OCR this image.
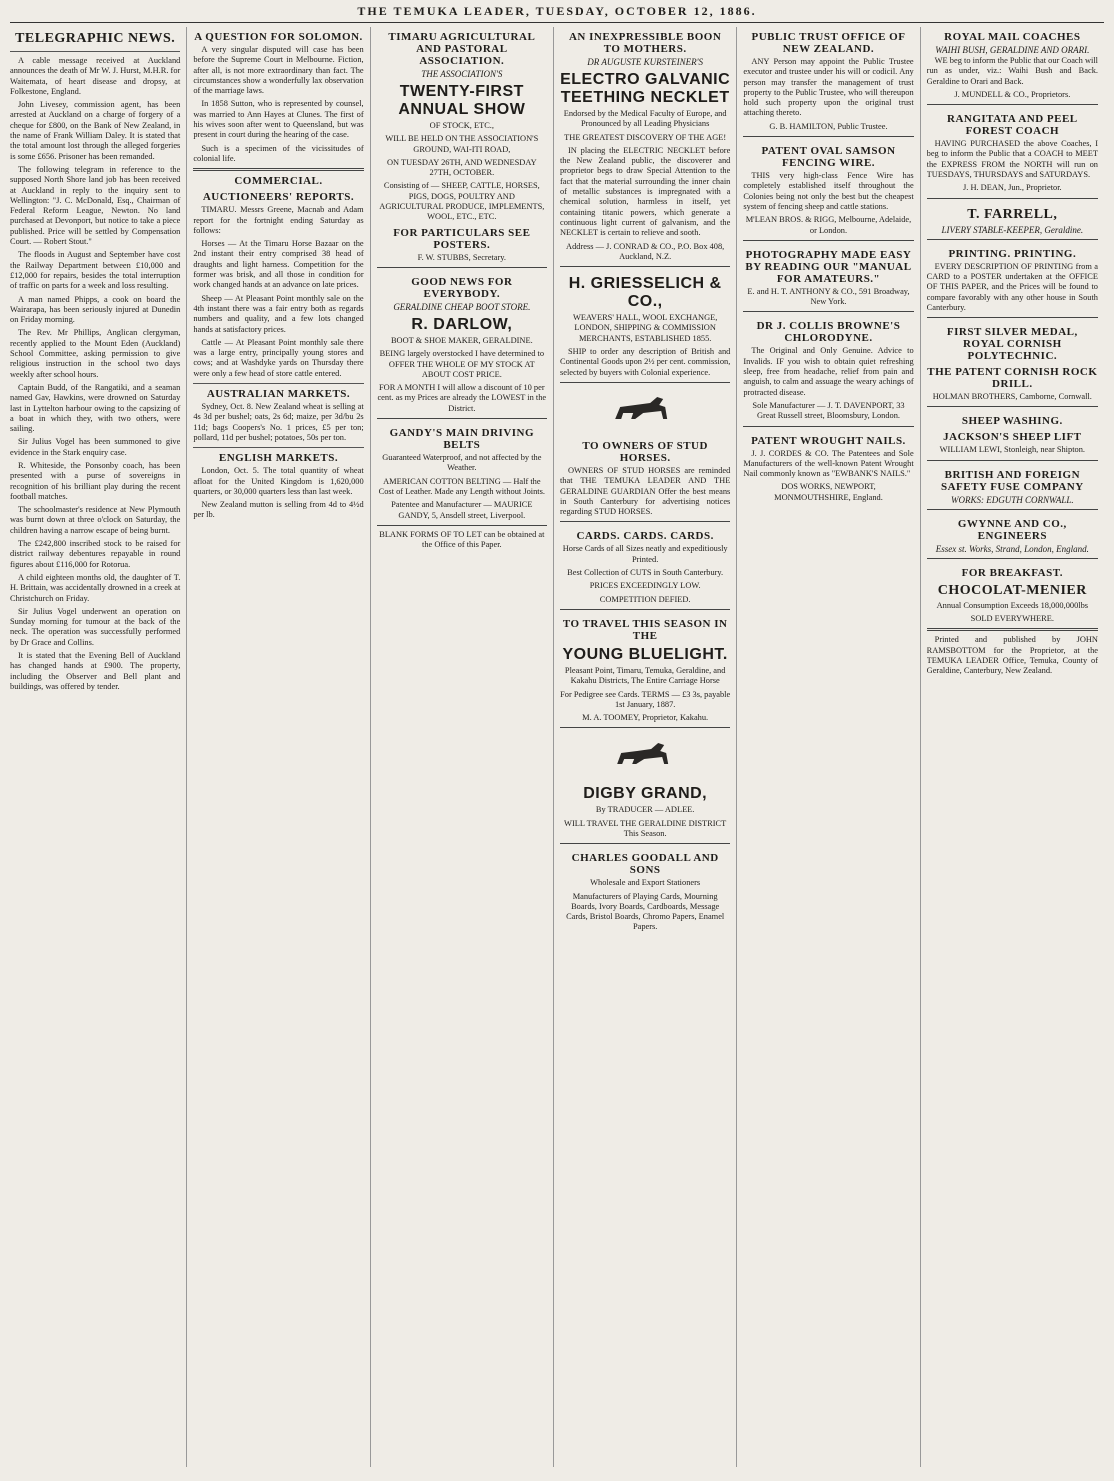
THE TEMUKA LEADER, TUESDAY, OCTOBER 12, 1886.
TELEGRAPHIC NEWS.

A cable message received at Auckland announces the death of Mr W. J. Hurst, M.H.R. for Waitemata, of heart disease and dropsy, at Folkestone, England.

John Livesey, commission agent, has been arrested at Auckland on a charge of forgery of a cheque for £800, on the Bank of New Zealand, in the name of Frank William Daley. It is stated that the total amount lost through the alleged forgeries is some £656. Prisoner has been remanded.

The following telegram in reference to the supposed North Shore land job has been received at Auckland in reply to the inquiry sent to Wellington: "J. C. McDonald, Esq., Chairman of Federal Reform League, Newton. No land purchased at Devonport, but notice to take a piece published. Price will be settled by Compensation Court. — Robert Stout."

The floods in August and September have cost the Railway Department between £10,000 and £12,000 for repairs, besides the total interruption of traffic on parts for a week and loss resulting.

A man named Phipps, a cook on board the Wairarapa, has been seriously injured at Dunedin on Friday morning.

The Rev. Mr Phillips, Anglican clergyman, recently applied to the Mount Eden (Auckland) School Committee, asking permission to give religious instruction in the school two days weekly after school hours.

Captain Budd, of the Rangatiki, and a seaman named Gav, Hawkins, were drowned on Saturday last in Lyttelton harbour owing to the capsizing of a boat in which they, with two others, were sailing.

Sir Julius Vogel has been summoned to give evidence in the Stark enquiry case.

R. Whiteside, the Ponsonby coach, has been presented with a purse of sovereigns in recognition of his brilliant play during the recent football matches.

The schoolmaster's residence at New Plymouth was burnt down at three o'clock on Saturday, the children having a narrow escape of being burnt.

The £242,800 inscribed stock to be raised for district railway debentures repayable in round figures about £116,000 for Rotorua.

A child eighteen months old, the daughter of T. H. Brittain, was accidentally drowned in a creek at Christchurch on Friday.

Sir Julius Vogel underwent an operation on Sunday morning for tumour at the back of the neck. The operation was successfully performed by Dr Grace and Collins.

It is stated that the Evening Bell of Auckland has changed hands at £900. The property, including the Observer and Bell plant and buildings, was offered by tender.

A QUESTION FOR SOLOMON.

A very singular disputed will case has been before the Supreme Court in Melbourne. Fiction, after all, is not more extraordinary than fact. The circumstances show a wonderfully lax observation of the marriage laws.

In 1858 Sutton, who is represented by counsel, was married to Ann Hayes at Clunes. The first of his wives soon after went to Queensland, but was present in court during the hearing of the case.

Such is a specimen of the vicissitudes of colonial life.

COMMERCIAL.
AUCTIONEERS' REPORTS.

TIMARU. Messrs Greene, Macnab and Adam report for the fortnight ending Saturday as follows:

Horses — At the Timaru Horse Bazaar on the 2nd instant their entry comprised 38 head of draughts and light harness. Competition for the former was brisk, and all those in condition for work changed hands at an advance on late prices.

Sheep — At Pleasant Point monthly sale on the 4th instant there was a fair entry both as regards numbers and quality, and a few lots changed hands at satisfactory prices.

Cattle — At Pleasant Point monthly sale there was a large entry, principally young stores and cows; and at Washdyke yards on Thursday there were only a few head of store cattle entered.

AUSTRALIAN MARKETS.

Sydney, Oct. 8. New Zealand wheat is selling at 4s 3d per bushel; oats, 2s 6d; maize, per 3d/bu 2s 11d; bags Coopers's No. 1 prices, £5 per ton; pollard, 11d per bushel; potatoes, 50s per ton.

ENGLISH MARKETS.

London, Oct. 5. The total quantity of wheat afloat for the United Kingdom is 1,620,000 quarters, or 30,000 quarters less than last week.

New Zealand mutton is selling from 4d to 4½d per lb.

TIMARU AGRICULTURAL AND PASTORAL ASSOCIATION.
THE ASSOCIATION'S
TWENTY-FIRST ANNUAL SHOW

OF STOCK, ETC.,

WILL BE HELD ON THE ASSOCIATION'S GROUND, WAI-ITI ROAD,

ON TUESDAY 26TH, AND WEDNESDAY 27TH, OCTOBER.

Consisting of — SHEEP, CATTLE, HORSES, PIGS, DOGS, POULTRY AND AGRICULTURAL PRODUCE, IMPLEMENTS, WOOL, ETC., ETC.

FOR PARTICULARS SEE POSTERS.

F. W. STUBBS, Secretary.

GOOD NEWS FOR EVERYBODY.
GERALDINE CHEAP BOOT STORE.
R. DARLOW,

BOOT & SHOE MAKER, GERALDINE.

BEING largely overstocked I have determined to OFFER THE WHOLE OF MY STOCK AT ABOUT COST PRICE.

FOR A MONTH I will allow a discount of 10 per cent. as my Prices are already the LOWEST in the District.

GANDY'S MAIN DRIVING BELTS

Guaranteed Waterproof, and not affected by the Weather.

AMERICAN COTTON BELTING — Half the Cost of Leather. Made any Length without Joints.

Patentee and Manufacturer — MAURICE GANDY, 5, Ansdell street, Liverpool.

BLANK FORMS OF TO LET can be obtained at the Office of this Paper.

AN INEXPRESSIBLE BOON TO MOTHERS.
DR AUGUSTE KURSTEINER'S
ELECTRO GALVANIC TEETHING NECKLET

Endorsed by the Medical Faculty of Europe, and Pronounced by all Leading Physicians

THE GREATEST DISCOVERY OF THE AGE!

IN placing the ELECTRIC NECKLET before the New Zealand public, the discoverer and proprietor begs to draw Special Attention to the fact that the material surrounding the inner chain of metallic substances is impregnated with a chemical solution, harmless in itself, yet containing titanic powers, which generate a continuous light current of galvanism, and the NECKLET is certain to relieve and sooth.

Address — J. CONRAD & CO., P.O. Box 408, Auckland, N.Z.

H. GRIESSELICH & CO.,

WEAVERS' HALL, WOOL EXCHANGE, LONDON, SHIPPING & COMMISSION MERCHANTS, ESTABLISHED 1855.

SHIP to order any description of British and Continental Goods upon 2½ per cent. commission, selected by buyers with Colonial experience.

TO OWNERS OF STUD HORSES.

OWNERS OF STUD HORSES are reminded that THE TEMUKA LEADER AND THE GERALDINE GUARDIAN Offer the best means in South Canterbury for advertising notices regarding STUD HORSES.

CARDS. CARDS. CARDS.

Horse Cards of all Sizes neatly and expeditiously Printed.

Best Collection of CUTS in South Canterbury.

PRICES EXCEEDINGLY LOW.

COMPETITION DEFIED.

TO TRAVEL THIS SEASON IN THE
YOUNG BLUELIGHT.

Pleasant Point, Timaru, Temuka, Geraldine, and Kakahu Districts, The Entire Carriage Horse

For Pedigree see Cards. TERMS — £3 3s, payable 1st January, 1887.

M. A. TOOMEY, Proprietor, Kakahu.

DIGBY GRAND,

By TRADUCER — ADLEE.

WILL TRAVEL THE GERALDINE DISTRICT This Season.

CHARLES GOODALL AND SONS

Wholesale and Export Stationers

Manufacturers of Playing Cards, Mourning Boards, Ivory Boards, Cardboards, Message Cards, Bristol Boards, Chromo Papers, Enamel Papers.

PUBLIC TRUST OFFICE OF NEW ZEALAND.

ANY Person may appoint the Public Trustee executor and trustee under his will or codicil. Any person may transfer the management of trust property to the Public Trustee, who will thereupon hold such property upon the original trust attaching thereto.

G. B. HAMILTON, Public Trustee.

PATENT OVAL SAMSON FENCING WIRE.

THIS very high-class Fence Wire has completely established itself throughout the Colonies being not only the best but the cheapest system of fencing sheep and cattle stations.

M'LEAN BROS. & RIGG, Melbourne, Adelaide, or London.

PHOTOGRAPHY MADE EASY BY READING OUR "MANUAL FOR AMATEURS."

E. and H. T. ANTHONY & CO., 591 Broadway, New York.

DR J. COLLIS BROWNE'S CHLORODYNE.

The Original and Only Genuine. Advice to Invalids. IF you wish to obtain quiet refreshing sleep, free from headache, relief from pain and anguish, to calm and assuage the weary achings of protracted disease.

Sole Manufacturer — J. T. DAVENPORT, 33 Great Russell street, Bloomsbury, London.

PATENT WROUGHT NAILS.

J. J. CORDES & CO. The Patentees and Sole Manufacturers of the well-known Patent Wrought Nail commonly known as "EWBANK'S NAILS."

DOS WORKS, NEWPORT, MONMOUTHSHIRE, England.

ROYAL MAIL COACHES
WAIHI BUSH, GERALDINE AND ORARI.

WE beg to inform the Public that our Coach will run as under, viz.: Waihi Bush and Back. Geraldine to Orari and Back.

J. MUNDELL & CO., Proprietors.

RANGITATA AND PEEL FOREST COACH

HAVING PURCHASED the above Coaches, I beg to inform the Public that a COACH to MEET the EXPRESS FROM the NORTH will run on TUESDAYS, THURSDAYS and SATURDAYS.

J. H. DEAN, Jun., Proprietor.

T. FARRELL,
LIVERY STABLE-KEEPER, Geraldine.
PRINTING. PRINTING.

EVERY DESCRIPTION OF PRINTING from a CARD to a POSTER undertaken at the OFFICE OF THIS PAPER, and the Prices will be found to compare favorably with any other house in South Canterbury.

FIRST SILVER MEDAL, ROYAL CORNISH POLYTECHNIC.
THE PATENT CORNISH ROCK DRILL.

HOLMAN BROTHERS, Camborne, Cornwall.

SHEEP WASHING.
JACKSON'S SHEEP LIFT

WILLIAM LEWI, Stonleigh, near Shipton.

BRITISH AND FOREIGN SAFETY FUSE COMPANY
WORKS: EDGUTH CORNWALL.
GWYNNE AND CO., ENGINEERS
Essex st. Works, Strand, London, England.
FOR BREAKFAST.
CHOCOLAT-MENIER

Annual Consumption Exceeds 18,000,000lbs

SOLD EVERYWHERE.

Printed and published by JOHN RAMSBOTTOM for the Proprietor, at the TEMUKA LEADER Office, Temuka, County of Geraldine, Canterbury, New Zealand.
